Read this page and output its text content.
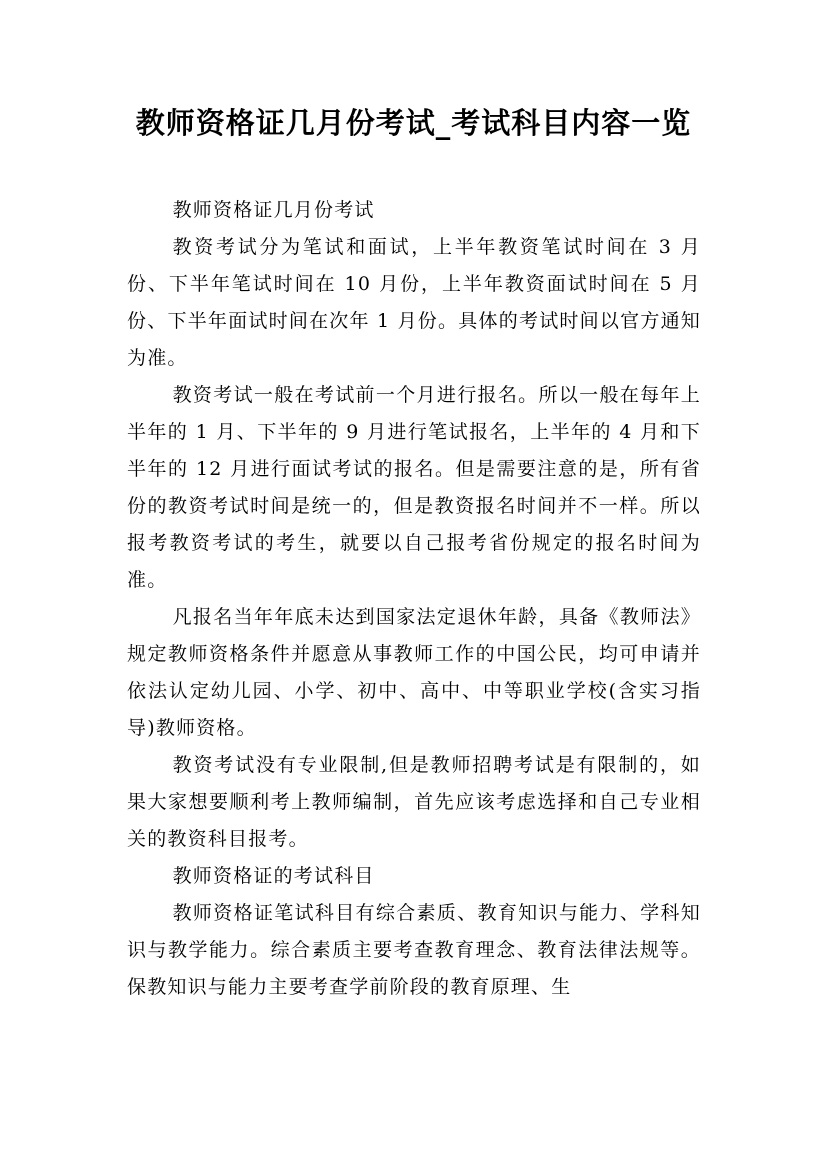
教师资格证几月份考试_考试科目内容一览

教师资格证几月份考试

教资考试分为笔试和面试，上半年教资笔试时间在 3 月份、下半年笔试时间在 10 月份，上半年教资面试时间在 5 月份、下半年面试时间在次年 1 月份。具体的考试时间以官方通知为准。

教资考试一般在考试前一个月进行报名。所以一般在每年上半年的 1 月、下半年的 9 月进行笔试报名，上半年的 4 月和下半年的 12 月进行面试考试的报名。但是需要注意的是，所有省份的教资考试时间是统一的，但是教资报名时间并不一样。所以报考教资考试的考生，就要以自己报考省份规定的报名时间为准。

凡报名当年年底未达到国家法定退休年龄，具备《教师法》规定教师资格条件并愿意从事教师工作的中国公民，均可申请并依法认定幼儿园、小学、初中、高中、中等职业学校(含实习指导)教师资格。

教资考试没有专业限制,但是教师招聘考试是有限制的，如果大家想要顺利考上教师编制，首先应该考虑选择和自己专业相关的教资科目报考。

教师资格证的考试科目

教师资格证笔试科目有综合素质、教育知识与能力、学科知识与教学能力。综合素质主要考查教育理念、教育法律法规等。保教知识与能力主要考查学前阶段的教育原理、生
